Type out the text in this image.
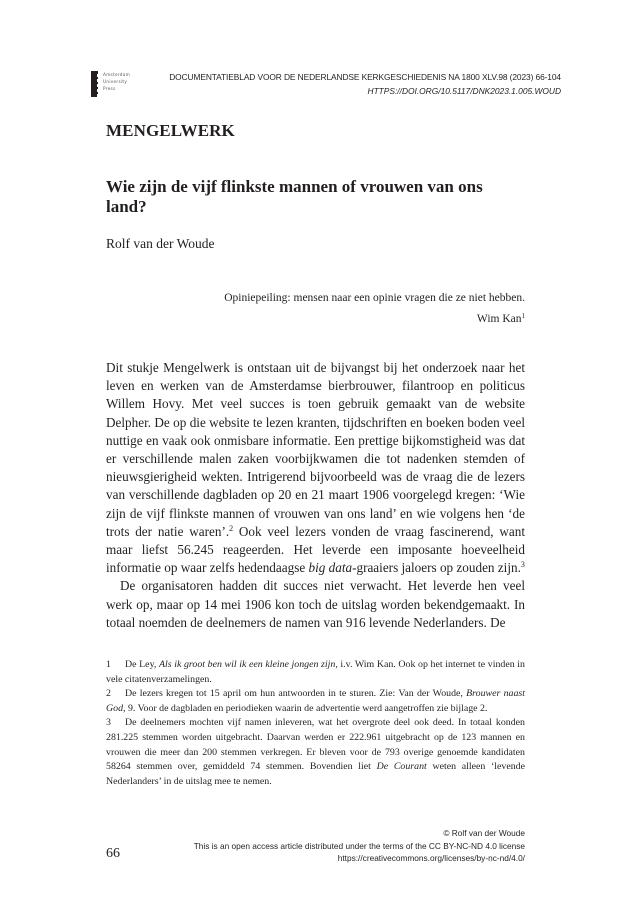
Amsterdam
University
Press
DOCUMENTATIEBLAD VOOR DE NEDERLANDSE KERKGESCHIEDENIS NA 1800 XLV.98 (2023) 66-104
HTTPS://DOI.ORG/10.5117/DNK2023.1.005.WOUD
MENGELWERK
Wie zijn de vijf flinkste mannen of vrouwen van ons land?
Rolf van der Woude
Opiniepeiling: mensen naar een opinie vragen die ze niet hebben.
Wim Kan$^1$

Dit stukje Mengelwerk is ontstaan uit de bijvangst bij het onderzoek naar het leven en werken van de Amsterdamse bierbrouwer, filantroop en politicus Willem Hovy. Met veel succes is toen gebruik gemaakt van de website Delpher. De op die website te lezen kranten, tijdschriften en boeken boden veel nuttige en vaak ook onmisbare informatie. Een prettige bijkomstigheid was dat er verschillende malen zaken voorbijkwamen die tot nadenken stemden of nieuwsgierigheid wekten. Intrigerend bijvoorbeeld was de vraag die de lezers van verschillende dagbladen op 20 en 21 maart 1906 voorgelegd kregen: ‘Wie zijn de vijf flinkste mannen of vrouwen van ons land’ en wie volgens hen ‘de trots der natie waren’.$^2$ Ook veel lezers vonden de vraag fascinerend, want maar liefst 56.245 reageerden. Het leverde een imposante hoeveelheid informatie op waar zelfs hedendaagse big data-graaiers jaloers op zouden zijn.$^3$

De organisatoren hadden dit succes niet verwacht. Het leverde hen veel werk op, maar op 14 mei 1906 kon toch de uitslag worden bekendgemaakt. In totaal noemden de deelnemers de namen van 916 levende Nederlanders. De

1 De Ley, Als ik groot ben wil ik een kleine jongen zijn, i.v. Wim Kan. Ook op het internet te vinden in vele citatenverzamelingen.

2 De lezers kregen tot 15 april om hun antwoorden in te sturen. Zie: Van der Woude, Brouwer naast God, 9. Voor de dagbladen en periodieken waarin de advertentie werd aangetroffen zie bijlage 2.

3 De deelnemers mochten vijf namen inleveren, wat het overgrote deel ook deed. In totaal konden 281.225 stemmen worden uitgebracht. Daarvan werden er 222.961 uitgebracht op de 123 mannen en vrouwen die meer dan 200 stemmen verkregen. Er bleven voor de 793 overige genoemde kandidaten 58264 stemmen over, gemiddeld 74 stemmen. Bovendien liet De Courant weten alleen ‘levende Nederlanders’ in de uitslag mee te nemen.

66
© Rolf van der Woude
This is an open access article distributed under the terms of the CC BY-NC-ND 4.0 license
https://creativecommons.org/licenses/by-nc-nd/4.0/
